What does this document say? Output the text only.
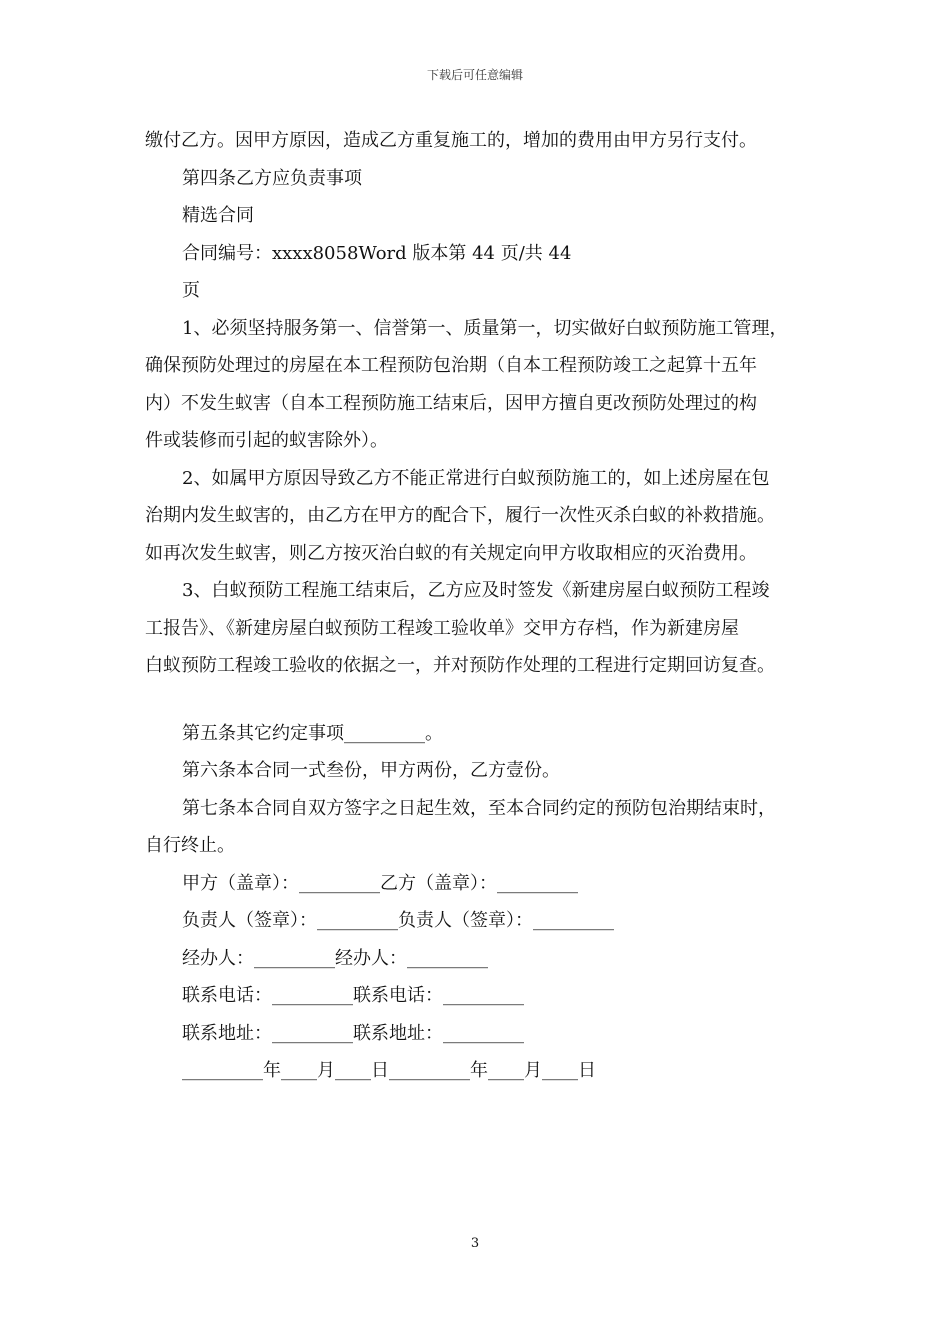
下载后可任意编辑
缴付乙方。因甲方原因，造成乙方重复施工的，增加的费用由甲方另行支付。
第四条乙方应负责事项
精选合同
合同编号：xxxx8058Word 版本第 44 页/共 44
页
1、必须坚持服务第一、信誉第一、质量第一，切实做好白蚁预防施工管理，
确保预防处理过的房屋在本工程预防包治期（自本工程预防竣工之起算十五年
内）不发生蚁害（自本工程预防施工结束后，因甲方擅自更改预防处理过的构
件或装修而引起的蚁害除外）。
2、如属甲方原因导致乙方不能正常进行白蚁预防施工的，如上述房屋在包
治期内发生蚁害的，由乙方在甲方的配合下，履行一次性灭杀白蚁的补救措施。
如再次发生蚁害，则乙方按灭治白蚁的有关规定向甲方收取相应的灭治费用。
3、白蚁预防工程施工结束后，乙方应及时签发《新建房屋白蚁预防工程竣
工报告》、《新建房屋白蚁预防工程竣工验收单》交甲方存档，作为新建房屋
白蚁预防工程竣工验收的依据之一，并对预防作处理的工程进行定期回访复查。
第五条其它约定事项_________。
第六条本合同一式叁份，甲方两份，乙方壹份。
第七条本合同自双方签字之日起生效，至本合同约定的预防包治期结束时，
自行终止。
甲方（盖章）：_________乙方（盖章）：_________
负责人（签章）：_________负责人（签章）：_________
经办人：_________经办人：_________
联系电话：_________联系电话：_________
联系地址：_________联系地址：_________
_________年____月____日_________年____月____日
3
